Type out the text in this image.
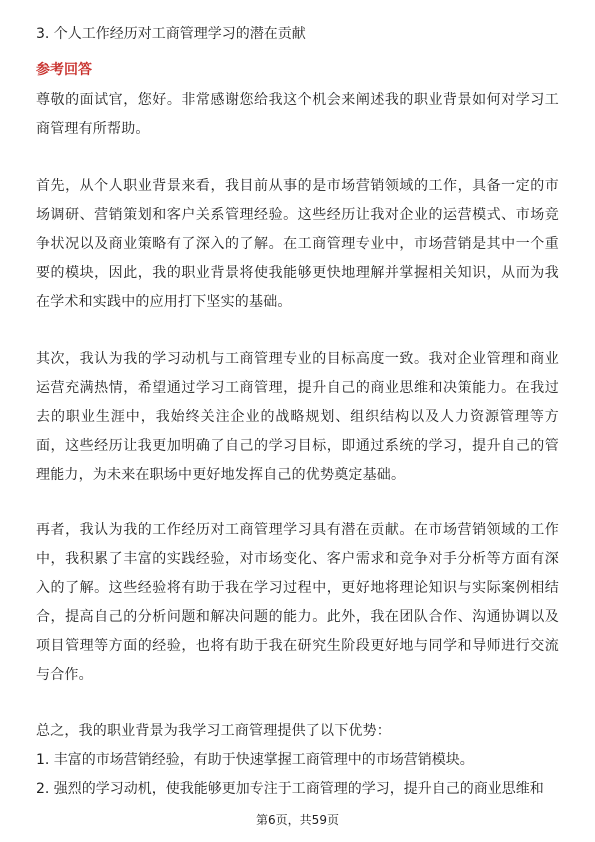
3. 个人工作经历对工商管理学习的潜在贡献
参考回答

尊敬的面试官，您好。非常感谢您给我这个机会来阐述我的职业背景如何对学习工商管理有所帮助。

首先，从个人职业背景来看，我目前从事的是市场营销领域的工作，具备一定的市场调研、营销策划和客户关系管理经验。这些经历让我对企业的运营模式、市场竞争状况以及商业策略有了深入的了解。在工商管理专业中，市场营销是其中一个重要的模块，因此，我的职业背景将使我能够更快地理解并掌握相关知识，从而为我在学术和实践中的应用打下坚实的基础。

其次，我认为我的学习动机与工商管理专业的目标高度一致。我对企业管理和商业运营充满热情，希望通过学习工商管理，提升自己的商业思维和决策能力。在我过去的职业生涯中，我始终关注企业的战略规划、组织结构以及人力资源管理等方面，这些经历让我更加明确了自己的学习目标，即通过系统的学习，提升自己的管理能力，为未来在职场中更好地发挥自己的优势奠定基础。

再者，我认为我的工作经历对工商管理学习具有潜在贡献。在市场营销领域的工作中，我积累了丰富的实践经验，对市场变化、客户需求和竞争对手分析等方面有深入的了解。这些经验将有助于我在学习过程中，更好地将理论知识与实际案例相结合，提高自己的分析问题和解决问题的能力。此外，我在团队合作、沟通协调以及项目管理等方面的经验，也将有助于我在研究生阶段更好地与同学和导师进行交流与合作。

总之，我的职业背景为我学习工商管理提供了以下优势：

1. 丰富的市场营销经验，有助于快速掌握工商管理中的市场营销模块。

2. 强烈的学习动机，使我能够更加专注于工商管理的学习，提升自己的商业思维和

第6页，共59页
